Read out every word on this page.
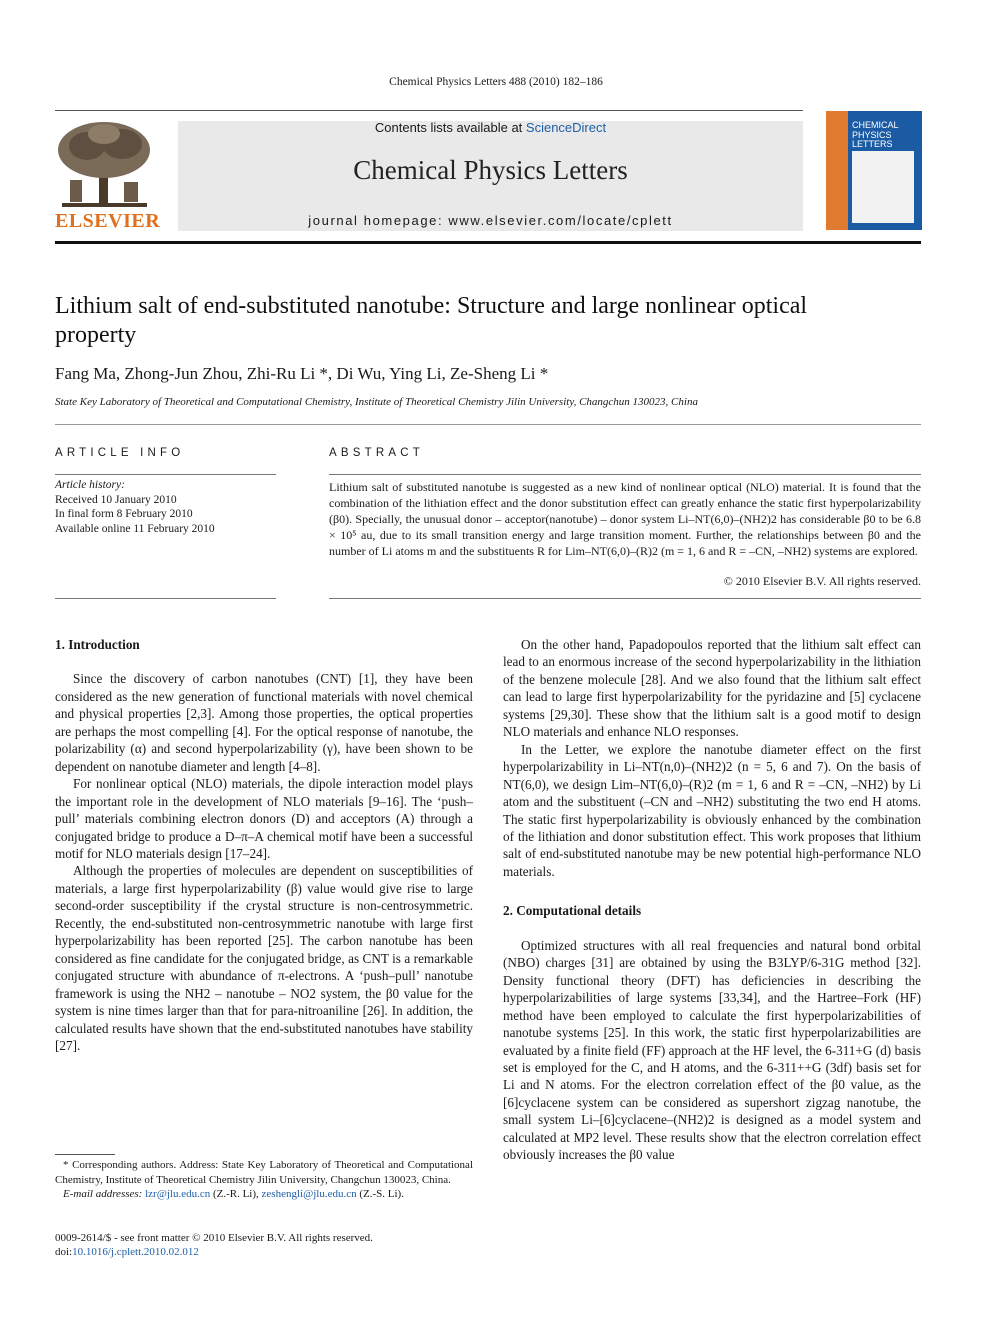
Chemical Physics Letters 488 (2010) 182–186
ELSEVIER
Contents lists available at ScienceDirect
Chemical Physics Letters
journal homepage: www.elsevier.com/locate/cplett
CHEMICAL PHYSICS LETTERS
Lithium salt of end-substituted nanotube: Structure and large nonlinear optical property
Fang Ma, Zhong-Jun Zhou, Zhi-Ru Li *, Di Wu, Ying Li, Ze-Sheng Li *
State Key Laboratory of Theoretical and Computational Chemistry, Institute of Theoretical Chemistry Jilin University, Changchun 130023, China
ARTICLE INFO
Article history:
Received 10 January 2010
In final form 8 February 2010
Available online 11 February 2010
ABSTRACT
Lithium salt of substituted nanotube is suggested as a new kind of nonlinear optical (NLO) material. It is found that the combination of the lithiation effect and the donor substitution effect can greatly enhance the static first hyperpolarizability (β0). Specially, the unusual donor – acceptor(nanotube) – donor system Li–NT(6,0)–(NH2)2 has considerable β0 to be 6.8 × 10⁵ au, due to its small transition energy and large transition moment. Further, the relationships between β0 and the number of Li atoms m and the substituents R for Lim–NT(6,0)–(R)2 (m = 1, 6 and R = –CN, –NH2) systems are explored.
© 2010 Elsevier B.V. All rights reserved.
1. Introduction

Since the discovery of carbon nanotubes (CNT) [1], they have been considered as the new generation of functional materials with novel chemical and physical properties [2,3]. Among those properties, the optical properties are perhaps the most compelling [4]. For the optical response of nanotube, the polarizability (α) and second hyperpolarizability (γ), have been shown to be dependent on nanotube diameter and length [4–8].

For nonlinear optical (NLO) materials, the dipole interaction model plays the important role in the development of NLO materials [9–16]. The ‘push–pull’ materials combining electron donors (D) and acceptors (A) through a conjugated bridge to produce a D–π–A chemical motif have been a successful motif for NLO materials design [17–24].

Although the properties of molecules are dependent on susceptibilities of materials, a large first hyperpolarizability (β) value would give rise to large second-order susceptibility if the crystal structure is non-centrosymmetric. Recently, the end-substituted non-centrosymmetric nanotube with large first hyperpolarizability has been reported [25]. The carbon nanotube has been considered as fine candidate for the conjugated bridge, as CNT is a remarkable conjugated structure with abundance of π-electrons. A ‘push–pull’ nanotube framework is using the NH2 – nanotube – NO2 system, the β0 value for the system is nine times larger than that for para-nitroaniline [26]. In addition, the calculated results have shown that the end-substituted nanotubes have stability [27].

* Corresponding authors. Address: State Key Laboratory of Theoretical and Computational Chemistry, Institute of Theoretical Chemistry Jilin University, Changchun 130023, China.
E-mail addresses: lzr@jlu.edu.cn (Z.-R. Li), zeshengli@jlu.edu.cn (Z.-S. Li).
0009-2614/$ - see front matter © 2010 Elsevier B.V. All rights reserved.
doi:10.1016/j.cplett.2010.02.012

On the other hand, Papadopoulos reported that the lithium salt effect can lead to an enormous increase of the second hyperpolarizability in the lithiation of the benzene molecule [28]. And we also found that the lithium salt effect can lead to large first hyperpolarizability for the pyridazine and [5] cyclacene systems [29,30]. These show that the lithium salt is a good motif to design NLO materials and enhance NLO responses.

In the Letter, we explore the nanotube diameter effect on the first hyperpolarizability in Li–NT(n,0)–(NH2)2 (n = 5, 6 and 7). On the basis of NT(6,0), we design Lim–NT(6,0)–(R)2 (m = 1, 6 and R = –CN, –NH2) by Li atom and the substituent (–CN and –NH2) substituting the two end H atoms. The static first hyperpolarizability is obviously enhanced by the combination of the lithiation and donor substitution effect. This work proposes that lithium salt of end-substituted nanotube may be new potential high-performance NLO materials.

2. Computational details

Optimized structures with all real frequencies and natural bond orbital (NBO) charges [31] are obtained by using the B3LYP/6-31G method [32]. Density functional theory (DFT) has deficiencies in describing the hyperpolarizabilities of large systems [33,34], and the Hartree–Fork (HF) method have been employed to calculate the first hyperpolarizabilities of nanotube systems [25]. In this work, the static first hyperpolarizabilities are evaluated by a finite field (FF) approach at the HF level, the 6-311+G (d) basis set is employed for the C, and H atoms, and the 6-311++G (3df) basis set for Li and N atoms. For the electron correlation effect of the β0 value, as the [6]cyclacene system can be considered as supershort zigzag nanotube, the small system Li–[6]cyclacene–(NH2)2 is designed as a model system and calculated at MP2 level. These results show that the electron correlation effect obviously increases the β0 value
